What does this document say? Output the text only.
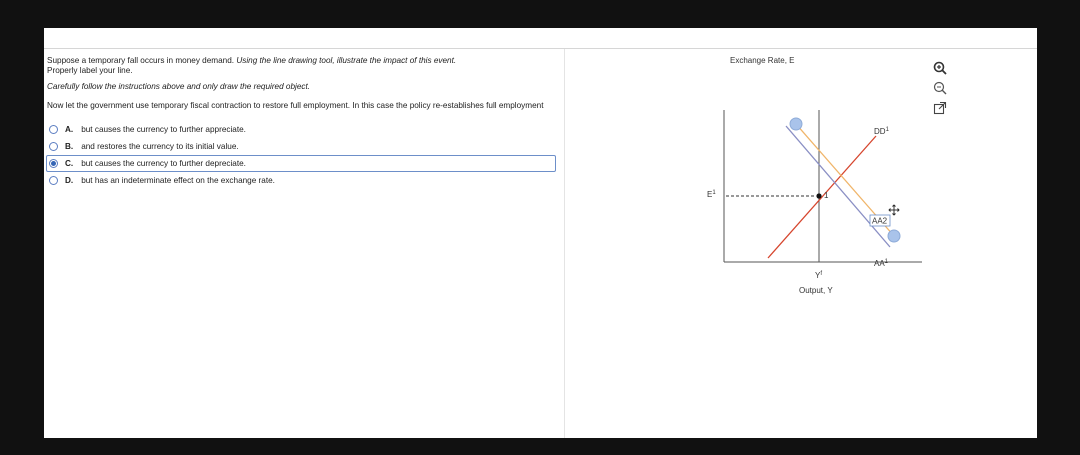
Suppose a temporary fall occurs in money demand. Using the line drawing tool, illustrate the impact of this event.
Properly label your line.
Carefully follow the instructions above and only draw the required object.
Now let the government use temporary fiscal contraction to restore full employment. In this case the policy re-establishes full employment
A. but causes the currency to further appreciate.
B. and restores the currency to its initial value.
C. but causes the currency to further depreciate.
D. but has an indeterminate effect on the exchange rate.
Exchange Rate, E
$E^1$
$DD^1$
$AA^1$
AA2
1
$Y^f$
Output, Y
